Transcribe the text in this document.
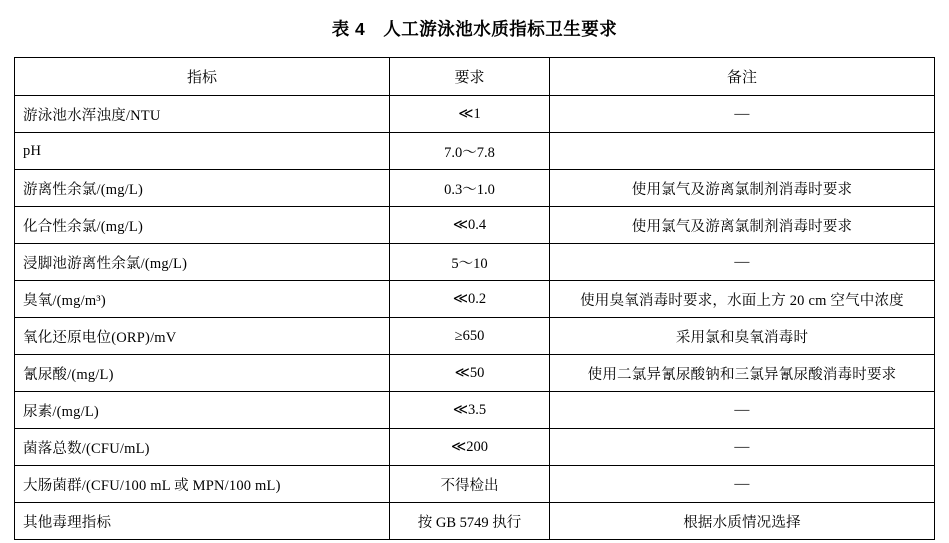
表 4 人工游泳池水质指标卫生要求
指标	要求	备注
游泳池水浑浊度/NTU	≪1	—
pH	7.0～7.8	
游离性余氯/(mg/L)	0.3～1.0	使用氯气及游离氯制剂消毒时要求
化合性余氯/(mg/L)	≪0.4	使用氯气及游离氯制剂消毒时要求
浸脚池游离性余氯/(mg/L)	5～10	—
臭氧/(mg/m³)	≪0.2	使用臭氧消毒时要求，水面上方 20 cm 空气中浓度
氧化还原电位(ORP)/mV	≥650	采用氯和臭氧消毒时
氰尿酸/(mg/L)	≪50	使用二氯异氰尿酸钠和三氯异氰尿酸消毒时要求
尿素/(mg/L)	≪3.5	—
菌落总数/(CFU/mL)	≪200	—
大肠菌群/(CFU/100 mL 或 MPN/100 mL)	不得检出	—
其他毒理指标	按 GB 5749 执行	根据水质情况选择
